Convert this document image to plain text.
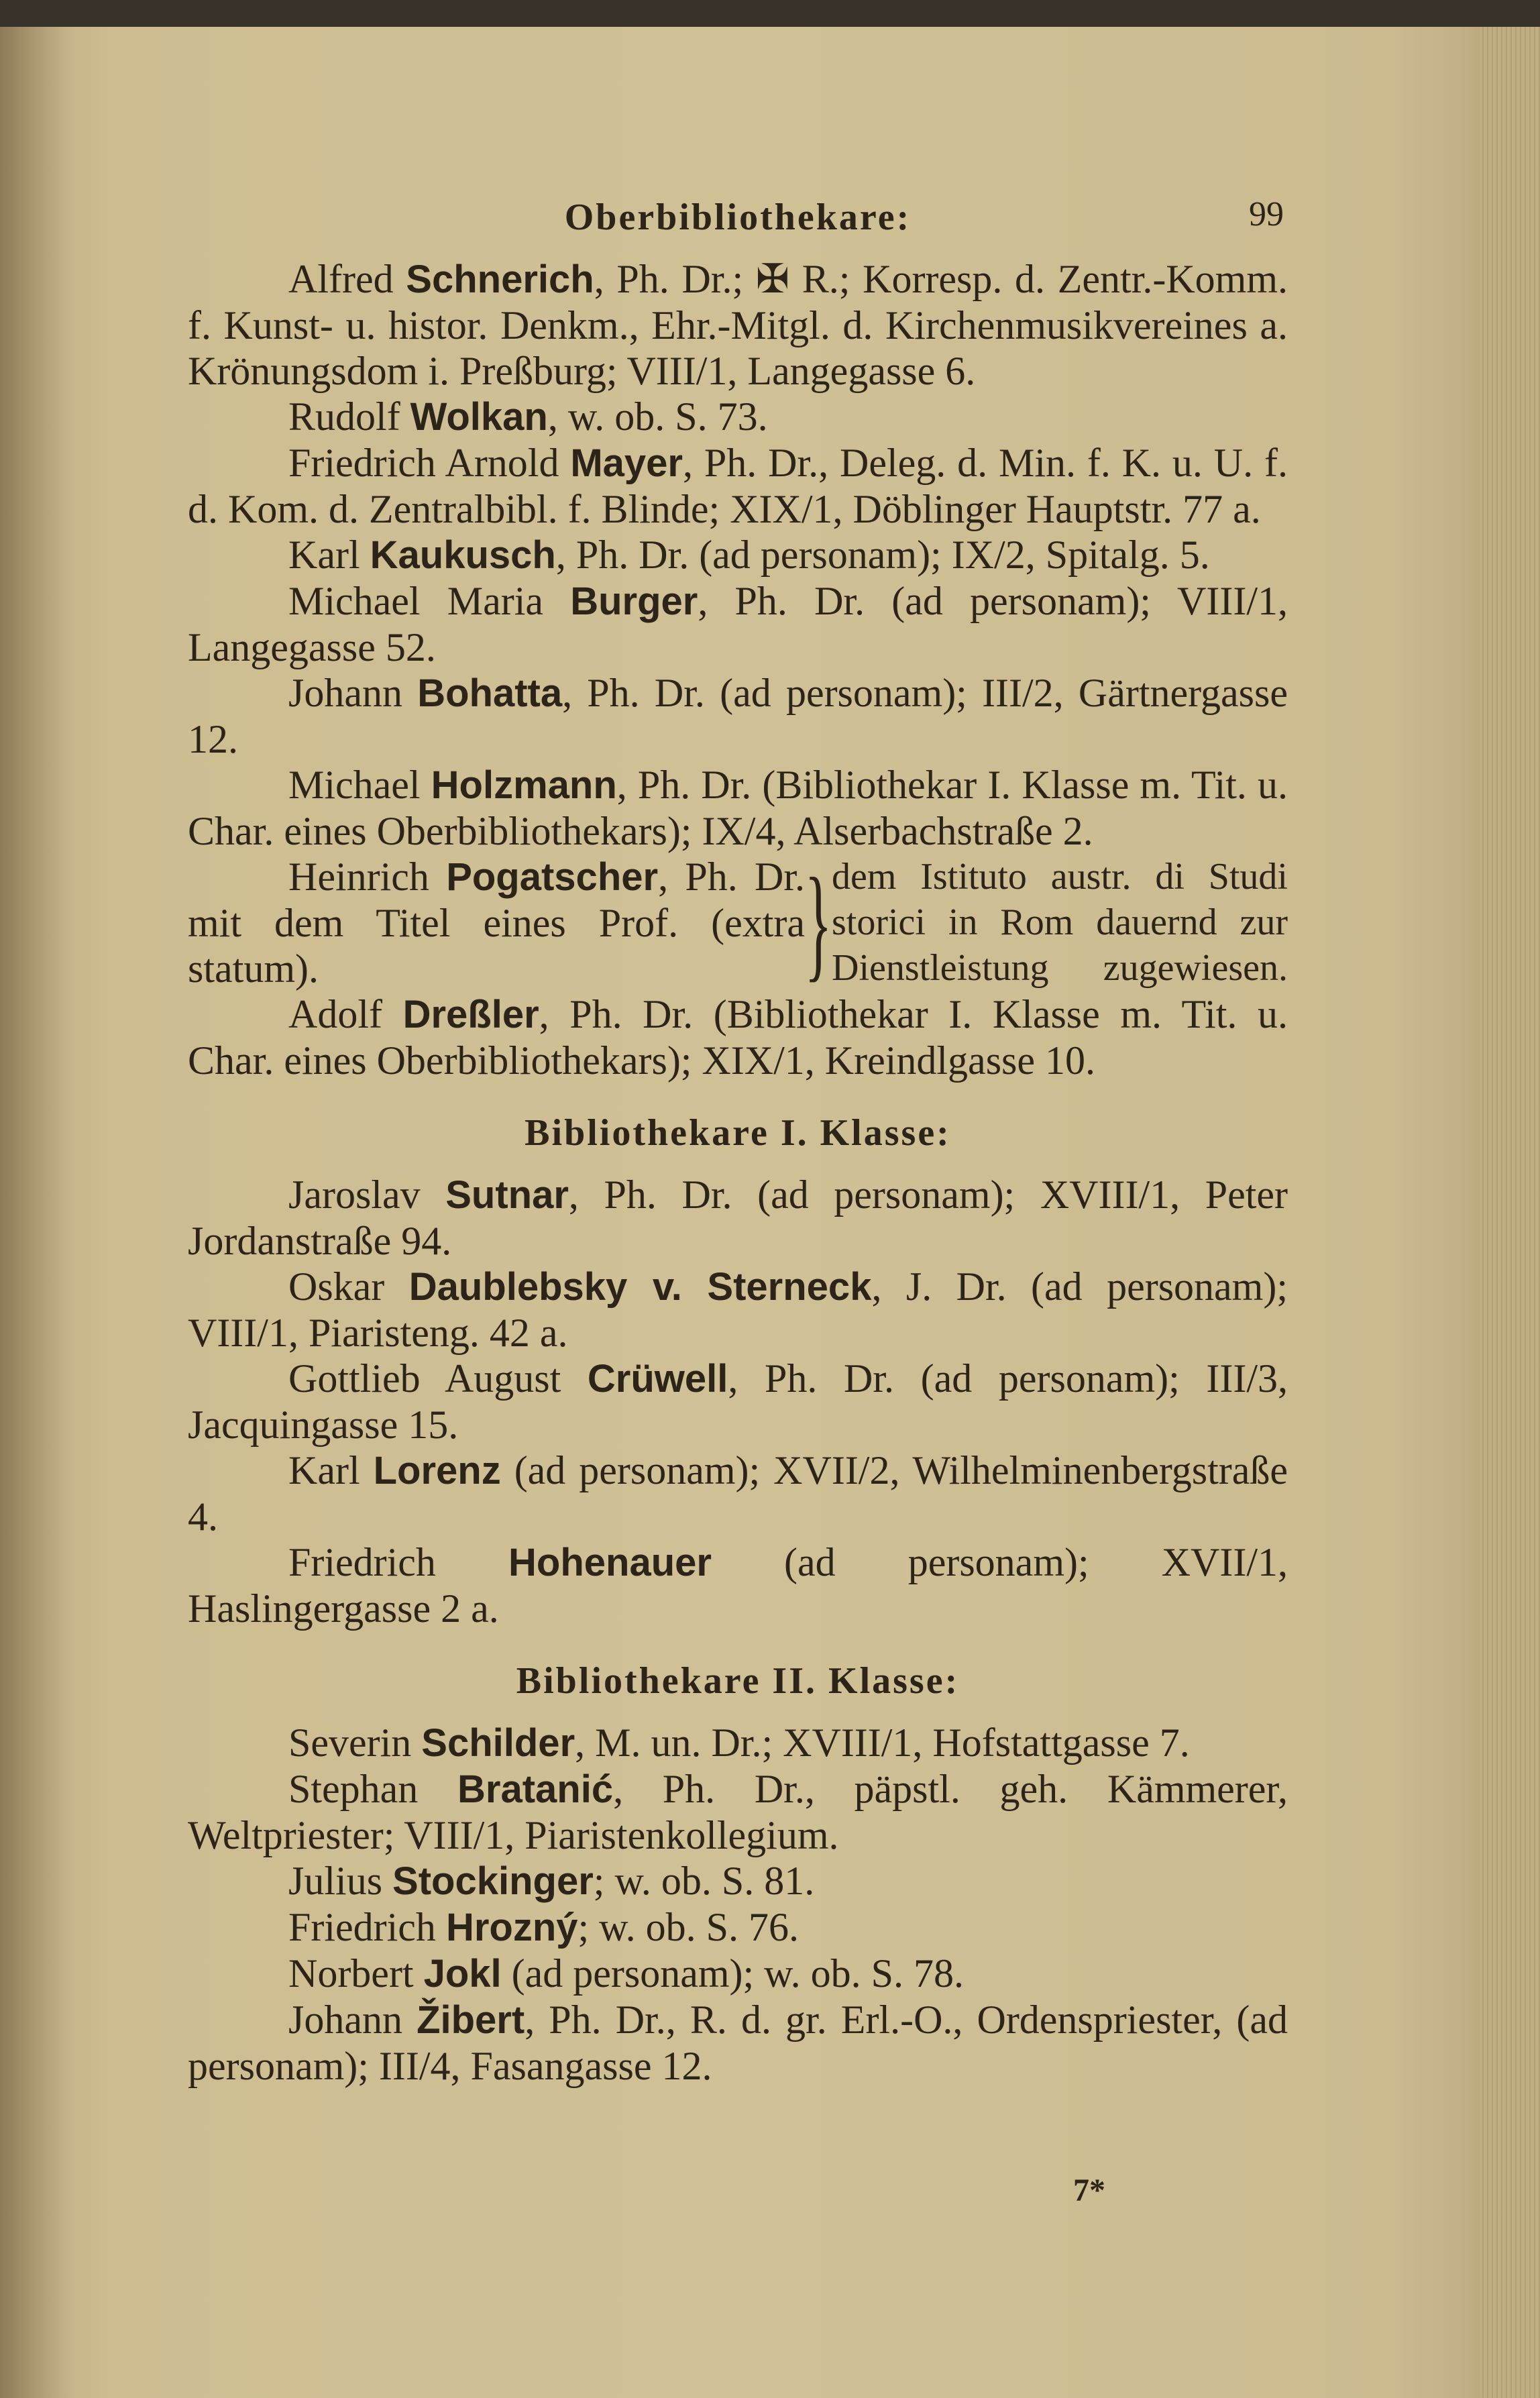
99
Oberbibliothekare:

Alfred Schnerich, Ph. Dr.; ✠ R.; Korresp. d. Zentr.-Komm. f. Kunst- u. histor. Denkm., Ehr.-Mitgl. d. Kirchenmusikvereines a. Krönungsdom i. Preßburg; VIII/1, Langegasse 6.

Rudolf Wolkan, w. ob. S. 73.

Friedrich Arnold Mayer, Ph. Dr., Deleg. d. Min. f. K. u. U. f. d. Kom. d. Zentralbibl. f. Blinde; XIX/1, Döblinger Hauptstr. 77 a.

Karl Kaukusch, Ph. Dr. (ad personam); IX/2, Spitalg. 5.

Michael Maria Burger, Ph. Dr. (ad personam); VIII/1, Langegasse 52.

Johann Bohatta, Ph. Dr. (ad personam); III/2, Gärtnergasse 12.

Michael Holzmann, Ph. Dr. (Bibliothekar I. Klasse m. Tit. u. Char. eines Oberbibliothekars); IX/4, Alserbachstraße 2.

Heinrich Pogatscher, Ph. Dr. mit dem Titel eines Prof. (extra statum).	} dem Istituto austr. di Studi
storici in Rom dauernd zur
Dienstleistung zugewiesen.

Adolf Dreßler, Ph. Dr. (Bibliothekar I. Klasse m. Tit. u. Char. eines Oberbibliothekars); XIX/1, Kreindlgasse 10.

Bibliothekare I. Klasse:

Jaroslav Sutnar, Ph. Dr. (ad personam); XVIII/1, Peter Jordanstraße 94.

Oskar Daublebsky v. Sterneck, J. Dr. (ad personam); VIII/1, Piaristeng. 42 a.

Gottlieb August Crüwell, Ph. Dr. (ad personam); III/3, Jacquingasse 15.

Karl Lorenz (ad personam); XVII/2, Wilhelminenbergstraße 4.

Friedrich Hohenauer (ad personam); XVII/1, Haslingergasse 2 a.

Bibliothekare II. Klasse:

Severin Schilder, M. un. Dr.; XVIII/1, Hofstattgasse 7.

Stephan Bratanić, Ph. Dr., päpstl. geh. Kämmerer, Weltpriester; VIII/1, Piaristenkollegium.

Julius Stockinger; w. ob. S. 81.

Friedrich Hrozný; w. ob. S. 76.

Norbert Jokl (ad personam); w. ob. S. 78.

Johann Žibert, Ph. Dr., R. d. gr. Erl.-O., Ordenspriester, (ad personam); III/4, Fasangasse 12.

7*
